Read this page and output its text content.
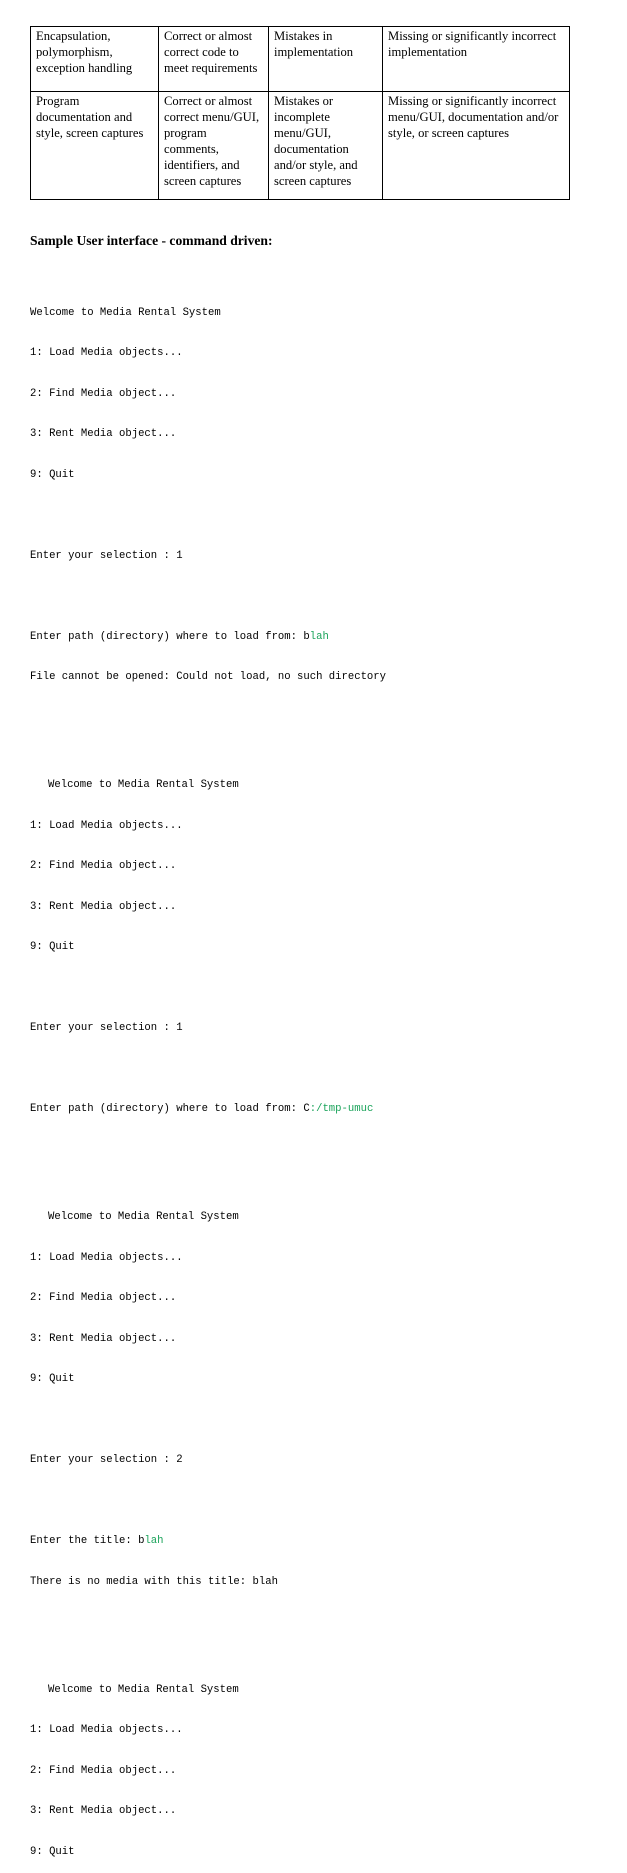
Encapsulation, polymorphism, exception handling	Correct or almost correct code to meet requirements	Mistakes in implementation	Missing or significantly incorrect implementation
Program documentation and style, screen captures	Correct or almost correct menu/GUI, program comments, identifiers, and screen captures	Mistakes or incomplete menu/GUI, documentation and/or style, and screen captures	Missing or significantly incorrect menu/GUI, documentation and/or style, or screen captures
Sample User interface - command driven:

Welcome to Media Rental System

1: Load Media objects...

2: Find Media object...

3: Rent Media object...

9: Quit

Enter your selection : 1

Enter path (directory) where to load from: blah

File cannot be opened: Could not load, no such directory

Welcome to Media Rental System

1: Load Media objects...

2: Find Media object...

3: Rent Media object...

9: Quit

Enter your selection : 1

Enter path (directory) where to load from: C:/tmp-umuc

Welcome to Media Rental System

1: Load Media objects...

2: Find Media object...

3: Rent Media object...

9: Quit

Enter your selection : 2

Enter the title: blah

There is no media with this title: blah

Welcome to Media Rental System

1: Load Media objects...

2: Find Media object...

3: Rent Media object...

9: Quit
